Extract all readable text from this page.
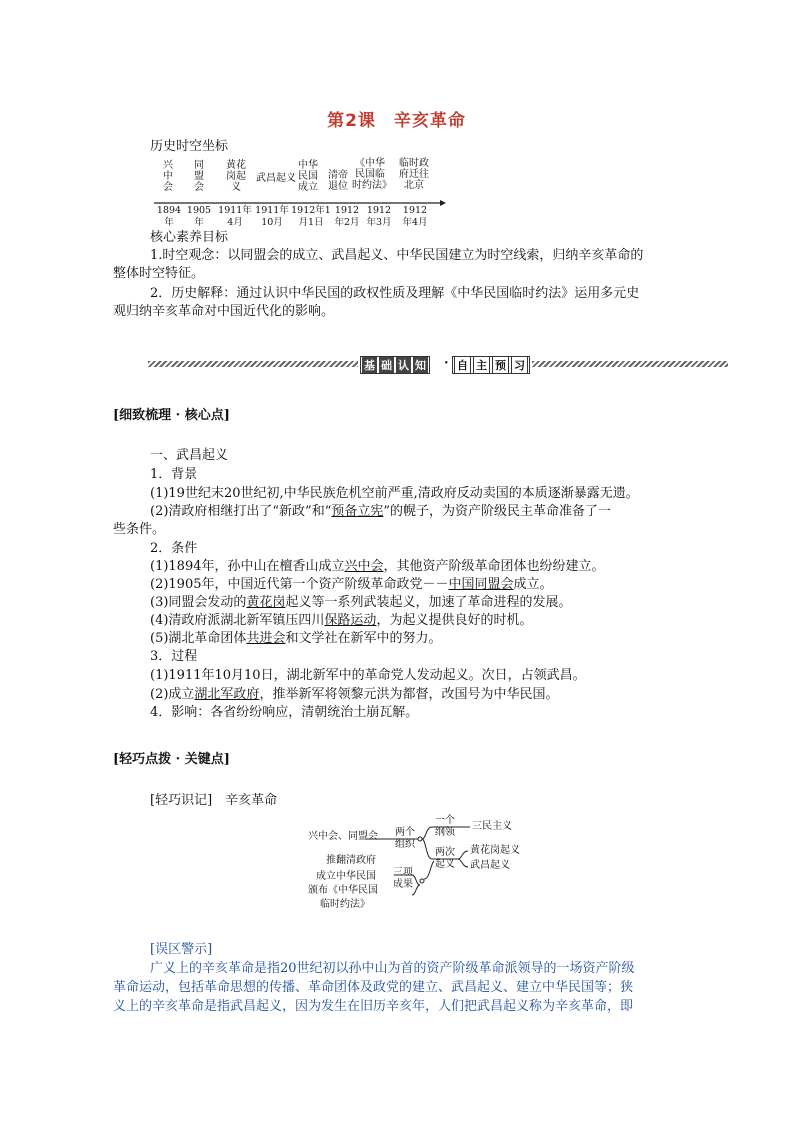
第2课　辛亥革命
历史时空坐标
兴中会
同盟会
黄花岗起义
武昌起义
中华民国成立
清帝退位
《中华民国临时约法》
临时政府迁往北京
1894年
1905年
1911年4月
1911年10月
1912年1月1日
1912年2月
1912年3月
1912年4月
核心素养目标
1.时空观念：以同盟会的成立、武昌起义、中华民国建立为时空线索，归纳辛亥革命的
整体时空特征。
2．历史解释：通过认识中华民国的政权性质及理解《中华民国临时约法》运用多元史
观归纳辛亥革命对中国近代化的影响。
基 础 认 知 · 自 主 预 习
[细致梳理 · 核心点]
一、武昌起义
1．背景
(1)19世纪末20世纪初,中华民族危机空前严重,清政府反动卖国的本质逐渐暴露无遗。
(2)清政府相继打出了“新政”和“预备立宪”的幌子，为资产阶级民主革命准备了一
些条件。
2．条件
(1)1894年，孙中山在檀香山成立兴中会，其他资产阶级革命团体也纷纷建立。
(2)1905年，中国近代第一个资产阶级革命政党－－中国同盟会成立。
(3)同盟会发动的黄花岗起义等一系列武装起义，加速了革命进程的发展。
(4)清政府派湖北新军镇压四川保路运动，为起义提供良好的时机。
(5)湖北革命团体共进会和文学社在新军中的努力。
3．过程
(1)1911年10月10日，湖北新军中的革命党人发动起义。次日，占领武昌。
(2)成立湖北军政府，推举新军将领黎元洪为都督，改国号为中华民国。
4．影响：各省纷纷响应，清朝统治土崩瓦解。
[轻巧点拨 · 关键点]
[轻巧识记]　辛亥革命
兴中会、同盟会	两个
组织
一个
纲领
三民主义
两次
起义
黄花岗起义
武昌起义
推翻清政府
成立中华民国
颁布《中华民国
临时约法》
三项
成果
[误区警示]
广义上的辛亥革命是指20世纪初以孙中山为首的资产阶级革命派领导的一场资产阶级
革命运动，包括革命思想的传播、革命团体及政党的建立、武昌起义、建立中华民国等；狭
义上的辛亥革命是指武昌起义，因为发生在旧历辛亥年，人们把武昌起义称为辛亥革命，即
